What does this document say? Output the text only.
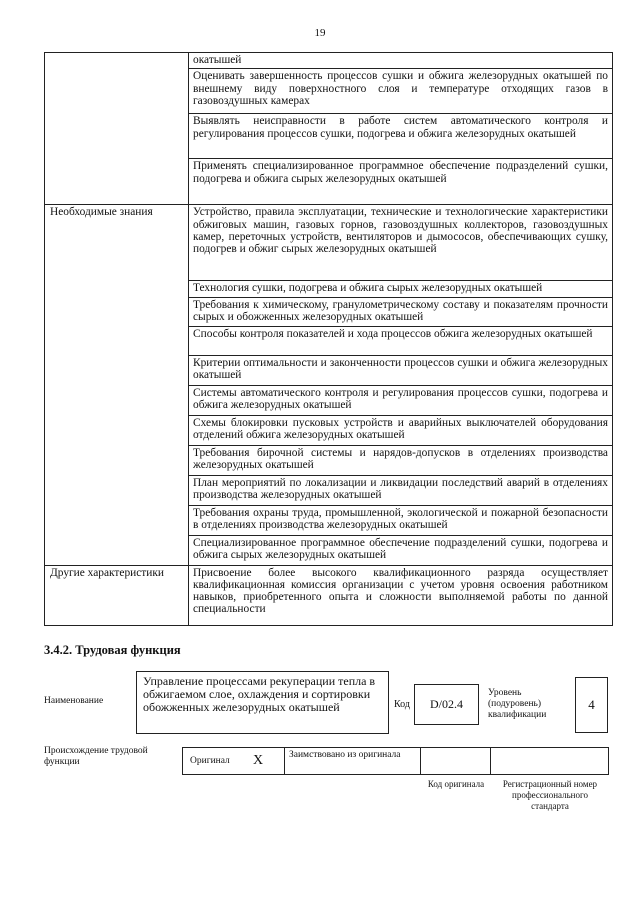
19
	окатышей
	Оценивать завершенность процессов сушки и обжига железорудных окатышей по внешнему виду поверхностного слоя и температуре отходящих газов в газовоздушных камерах
	Выявлять неисправности в работе систем автоматического контроля и регулирования процессов сушки, подогрева и обжига железорудных окатышей
	Применять специализированное программное обеспечение подразделений сушки, подогрева и обжига сырых железорудных окатышей
Необходимые знания	Устройство, правила эксплуатации, технические и технологические характеристики обжиговых машин, газовых горнов, газовоздушных коллекторов, газовоздушных камер, переточных устройств, вентиляторов и дымососов, обеспечивающих сушку, подогрев и обжиг сырых железорудных окатышей
	Технология сушки, подогрева и обжига сырых железорудных окатышей
	Требования к химическому, гранулометрическому составу и показателям прочности сырых и обожженных железорудных окатышей
	Способы контроля показателей и хода процессов обжига железорудных окатышей
	Критерии оптимальности и законченности процессов сушки и обжига железорудных окатышей
	Системы автоматического контроля и регулирования процессов сушки, подогрева и обжига железорудных окатышей
	Схемы блокировки пусковых устройств и аварийных выключателей оборудования отделений обжига железорудных окатышей
	Требования бирочной системы и нарядов-допусков в отделениях производства железорудных окатышей
	План мероприятий по локализации и ликвидации последствий аварий в отделениях производства железорудных окатышей
	Требования охраны труда, промышленной, экологической и пожарной безопасности в отделениях производства железорудных окатышей
	Специализированное программное обеспечение подразделений сушки, подогрева и обжига сырых железорудных окатышей
Другие характеристики	Присвоение более высокого квалификационного разряда осуществляет квалификационная комиссия организации с учетом уровня освоения работником навыков, приобретенного опыта и сложности выполняемой работы по данной специальности
3.4.2. Трудовая функция
Наименование
Управление процессами рекуперации тепла в обжигаемом слое, охлаждения и сортировки обожженных железорудных окатышей	Код	D/02.4
Уровень (подуровень) квалификации
4
Происхождение трудовой функции	Оригинал X	Заимствовано из оригинала
Код оригинала	Регистрационный номер профессионального стандарта
